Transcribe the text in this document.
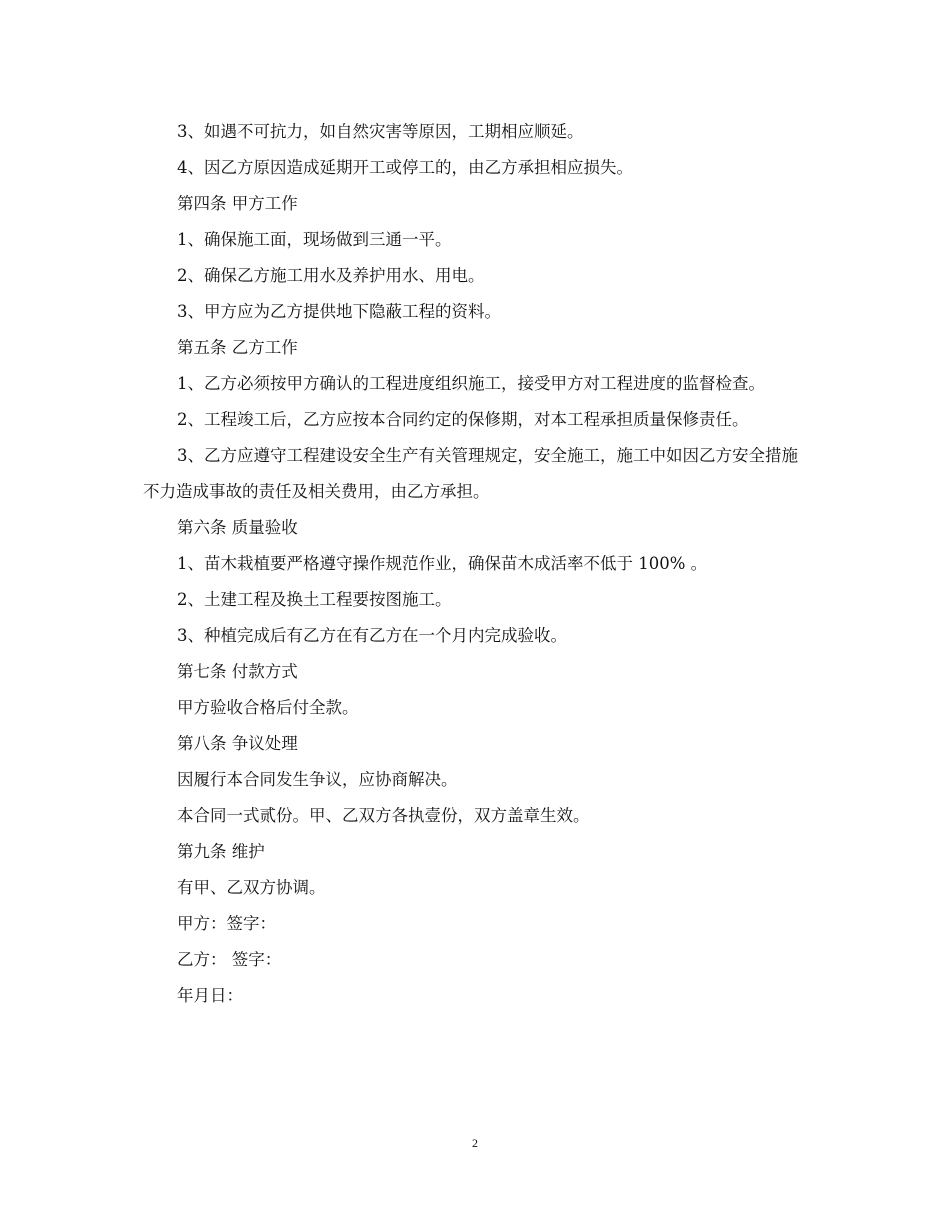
3、如遇不可抗力，如自然灾害等原因，工期相应顺延。
4、因乙方原因造成延期开工或停工的，由乙方承担相应损失。
第四条 甲方工作
1、确保施工面，现场做到三通一平。
2、确保乙方施工用水及养护用水、用电。
3、甲方应为乙方提供地下隐蔽工程的资料。
第五条 乙方工作
1、乙方必须按甲方确认的工程进度组织施工，接受甲方对工程进度的监督检查。
2、工程竣工后，乙方应按本合同约定的保修期，对本工程承担质量保修责任。
3、乙方应遵守工程建设安全生产有关管理规定，安全施工，施工中如因乙方安全措施不力造成事故的责任及相关费用，由乙方承担。
第六条 质量验收
1、苗木栽植要严格遵守操作规范作业，确保苗木成活率不低于 100% 。
2、土建工程及换土工程要按图施工。
3、种植完成后有乙方在有乙方在一个月内完成验收。
第七条 付款方式
甲方验收合格后付全款。
第八条 争议处理
因履行本合同发生争议，应协商解决。
本合同一式贰份。甲、乙双方各执壹份，双方盖章生效。
第九条 维护
有甲、乙双方协调。
甲方：签字：
乙方： 签字：
年月日：
2
